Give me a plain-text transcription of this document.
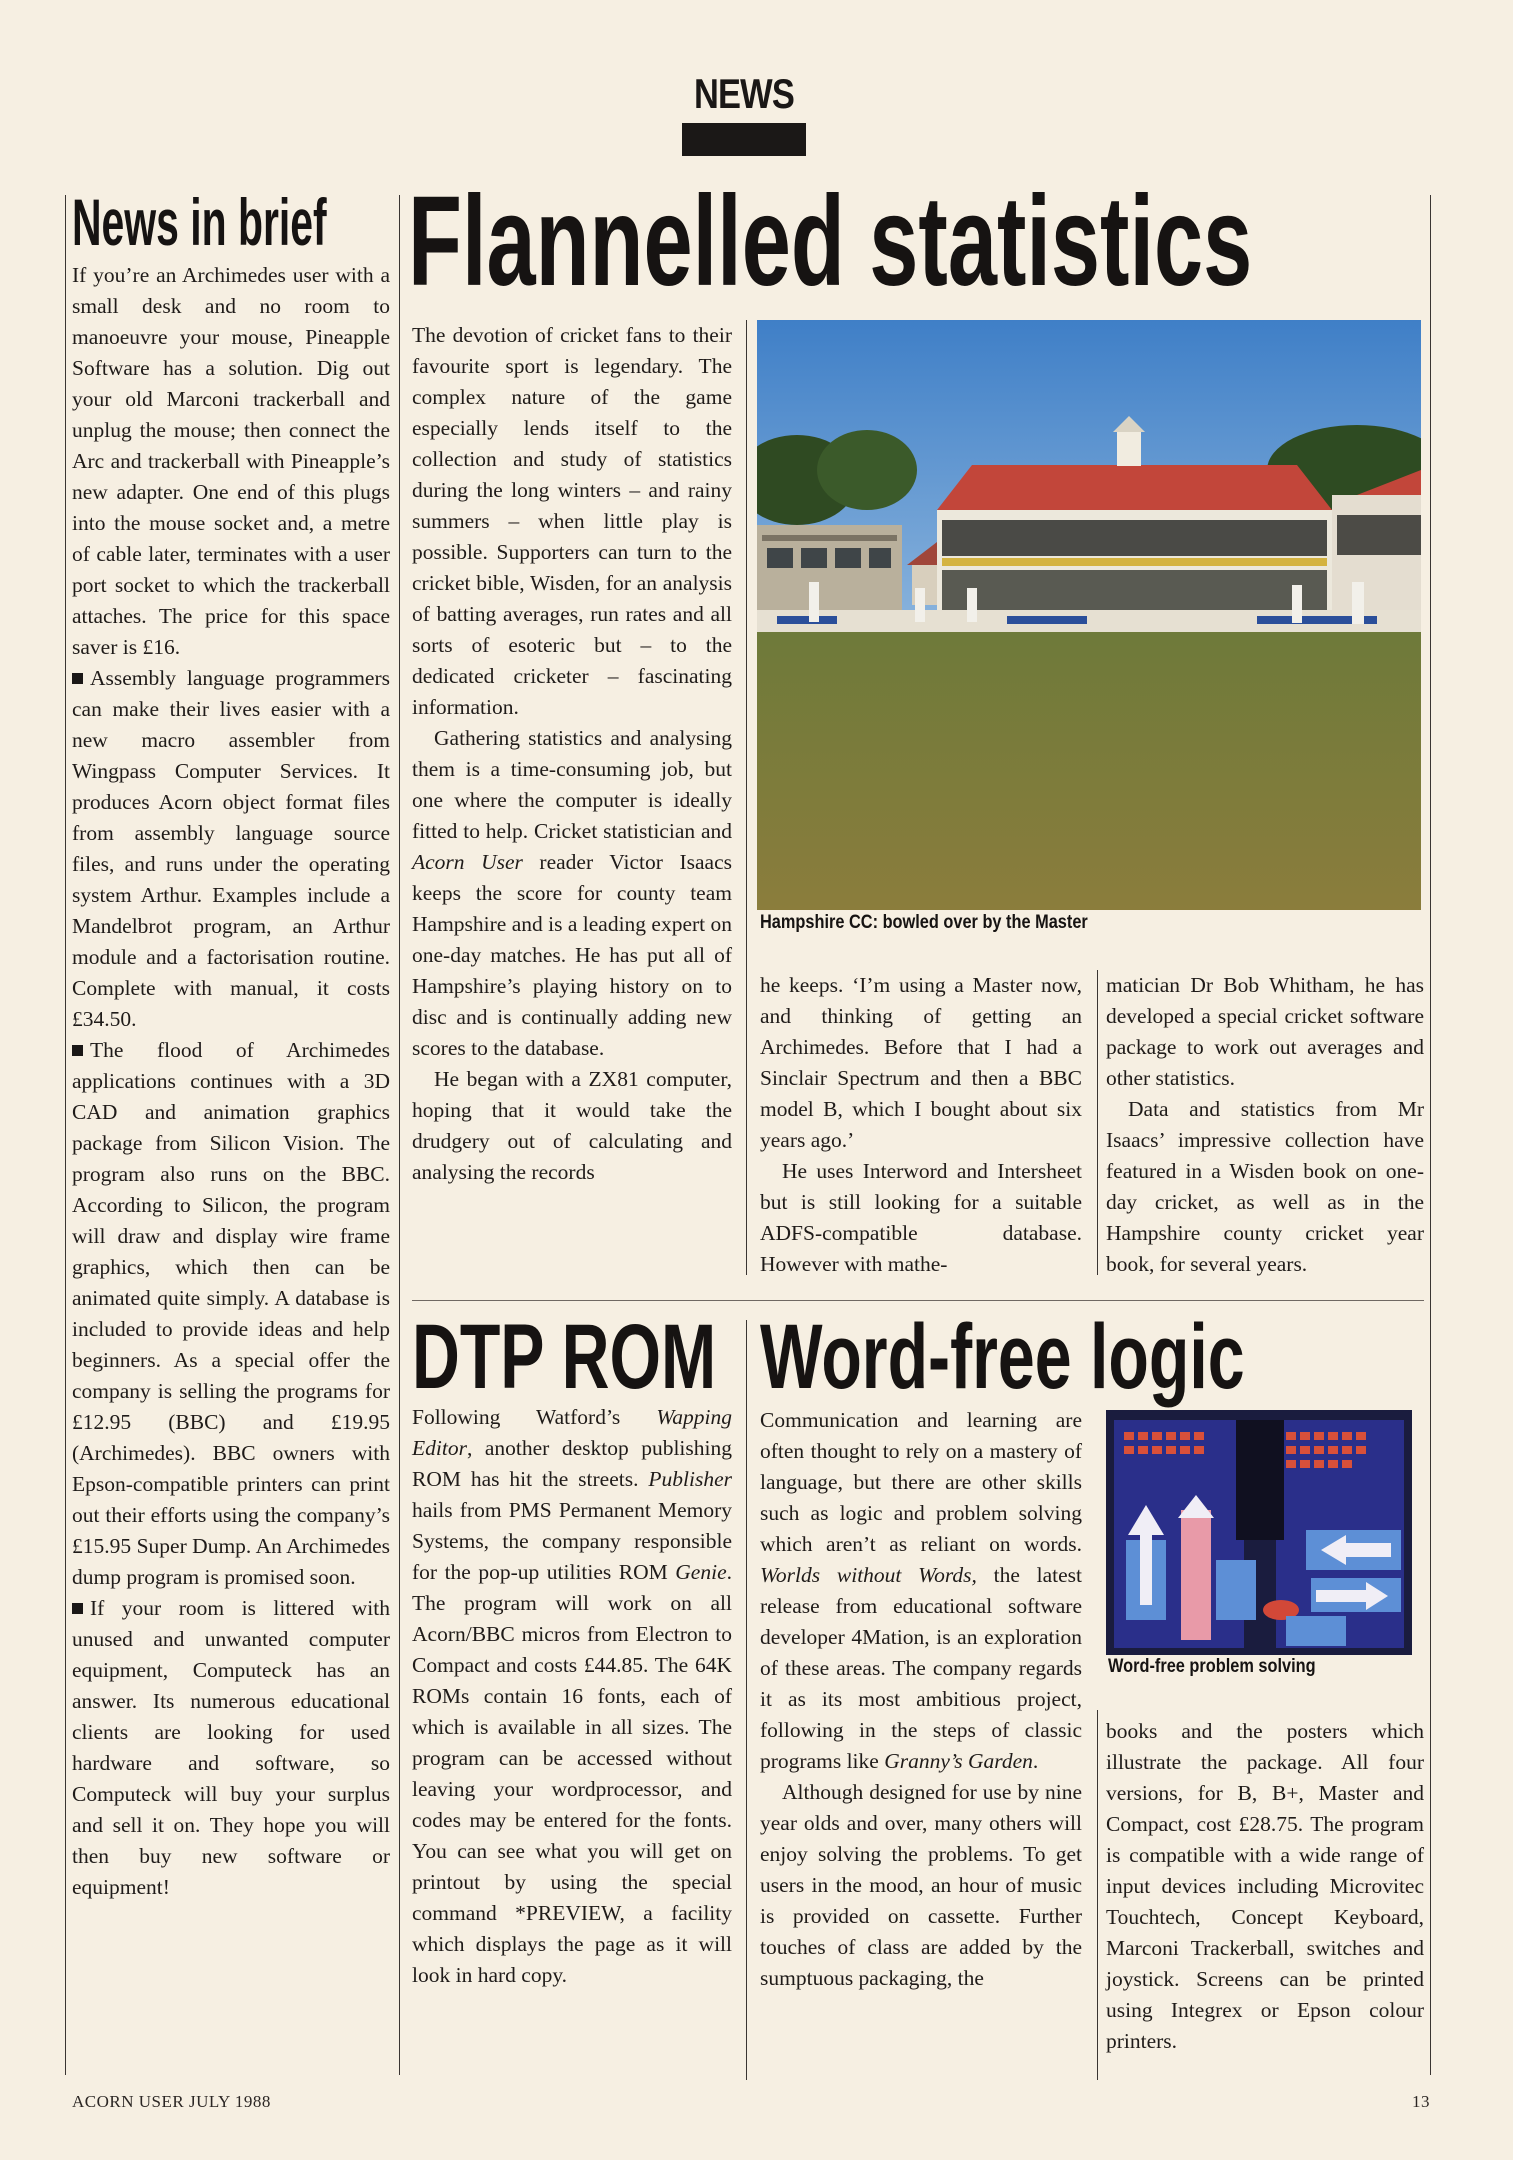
NEWS
News in brief

If you’re an Archimedes user with a small desk and no room to manoeuvre your mouse, Pineapple Software has a solution. Dig out your old Marconi trackerball and unplug the mouse; then connect the Arc and trackerball with Pineapple’s new adapter. One end of this plugs into the mouse socket and, a metre of cable later, terminates with a user port socket to which the trackerball attaches. The price for this space saver is £16.

Assembly language programmers can make their lives easier with a new macro assembler from Wingpass Computer Services. It produces Acorn object format files from assembly language source files, and runs under the operating system Arthur. Examples include a Mandelbrot program, an Arthur module and a factorisation routine. Complete with manual, it costs £34.50.

The flood of Archimedes applications continues with a 3D CAD and animation graphics package from Silicon Vision. The program also runs on the BBC. According to Silicon, the program will draw and display wire frame graphics, which then can be animated quite simply. A database is included to provide ideas and help beginners. As a special offer the company is selling the programs for £12.95 (BBC) and £19.95 (Archimedes). BBC owners with Epson-compatible printers can print out their efforts using the company’s £15.95 Super Dump. An Archimedes dump program is promised soon.

If your room is littered with unused and unwanted computer equipment, Computeck has an answer. Its numerous educational clients are looking for used hardware and software, so Computeck will buy your surplus and sell it on. They hope you will then buy new software or equipment!

Flannelled statistics

The devotion of cricket fans to their favourite sport is legendary. The complex nature of the game especially lends itself to the collection and study of statistics during the long winters – and rainy summers – when little play is possible. Supporters can turn to the cricket bible, Wisden, for an analysis of batting averages, run rates and all sorts of esoteric but – to the dedicated cricketer – fascinating information.

Gathering statistics and analysing them is a time-consuming job, but one where the computer is ideally fitted to help. Cricket statistician and Acorn User reader Victor Isaacs keeps the score for county team Hampshire and is a leading expert on one-day matches. He has put all of Hampshire’s playing history on to disc and is continually adding new scores to the database.

He began with a ZX81 computer, hoping that it would take the drudgery out of calculating and analysing the records

Hampshire CC: bowled over by the Master

he keeps. ‘I’m using a Master now, and thinking of getting an Archimedes. Before that I had a Sinclair Spectrum and then a BBC model B, which I bought about six years ago.’

He uses Interword and Intersheet but is still looking for a suitable ADFS-compatible database. However with mathe-

matician Dr Bob Whitham, he has developed a special cricket software package to work out averages and other statistics.

Data and statistics from Mr Isaacs’ impressive collection have featured in a Wisden book on one-day cricket, as well as in the Hampshire county cricket year book, for several years.

DTP ROM

Following Watford’s Wapping Editor, another desktop publishing ROM has hit the streets. Publisher hails from PMS Permanent Memory Systems, the company responsible for the pop-up utilities ROM Genie. The program will work on all Acorn/BBC micros from Electron to Compact and costs £44.85. The 64K ROMs contain 16 fonts, each of which is available in all sizes. The program can be accessed without leaving your wordprocessor, and codes may be entered for the fonts. You can see what you will get on printout by using the special command *PREVIEW, a facility which displays the page as it will look in hard copy.

Word-free logic

Communication and learning are often thought to rely on a mastery of language, but there are other skills such as logic and problem solving which aren’t as reliant on words. Worlds without Words, the latest release from educational software developer 4Mation, is an exploration of these areas. The company regards it as its most ambitious project, following in the steps of classic programs like Granny’s Garden.

Although designed for use by nine year olds and over, many others will enjoy solving the problems. To get users in the mood, an hour of music is provided on cassette. Further touches of class are added by the sumptuous packaging, the

Word-free problem solving

books and the posters which illustrate the package. All four versions, for B, B+, Master and Compact, cost £28.75. The program is compatible with a wide range of input devices including Microvitec Touchtech, Concept Keyboard, Marconi Trackerball, switches and joystick. Screens can be printed using Integrex or Epson colour printers.

ACORN USER JULY 1988	13
